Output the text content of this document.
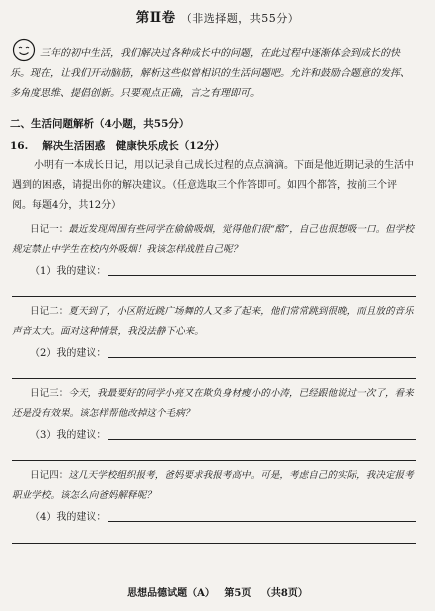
第Ⅱ卷 （非选择题，共55分）
三年的初中生活，我们解决过各种成长中的问题，在此过程中逐渐体会到成长的快乐。现在，让我们开动脑筋，解析这些似曾相识的生活问题吧。允许和鼓励合题意的发挥、多角度思维、提倡创新。只要观点正确，言之有理即可。
二、生活问题解析（4小题，共55分）
16. 解决生活困惑　健康快乐成长（12分）
小明有一本成长日记，用以记录自己成长过程的点点滴滴。下面是他近期记录的生活中遇到的困惑，请提出你的解决建议。（任意选取三个作答即可。如四个都答，按前三个评阅。每题4分，共12分）
日记一：最近发现周围有些同学在偷偷吸烟，觉得他们很“酷”，自己也很想吸一口。但学校规定禁止中学生在校内外吸烟！我该怎样战胜自己呢？
（1）我的建议：
日记二：夏天到了，小区附近跳广场舞的人又多了起来，他们常常跳到很晚，而且放的音乐声音太大。面对这种情景，我没法静下心来。
（2）我的建议：
日记三：今天，我最要好的同学小亮又在欺负身材瘦小的小涛，已经跟他说过一次了，看来还是没有效果。该怎样帮他改掉这个毛病？
（3）我的建议：
日记四：这几天学校组织报考，爸妈要求我报考高中。可是，考虑自己的实际，我决定报考职业学校。该怎么向爸妈解释呢？
（4）我的建议：
思想品德试题（A） 第5页 （共8页）
